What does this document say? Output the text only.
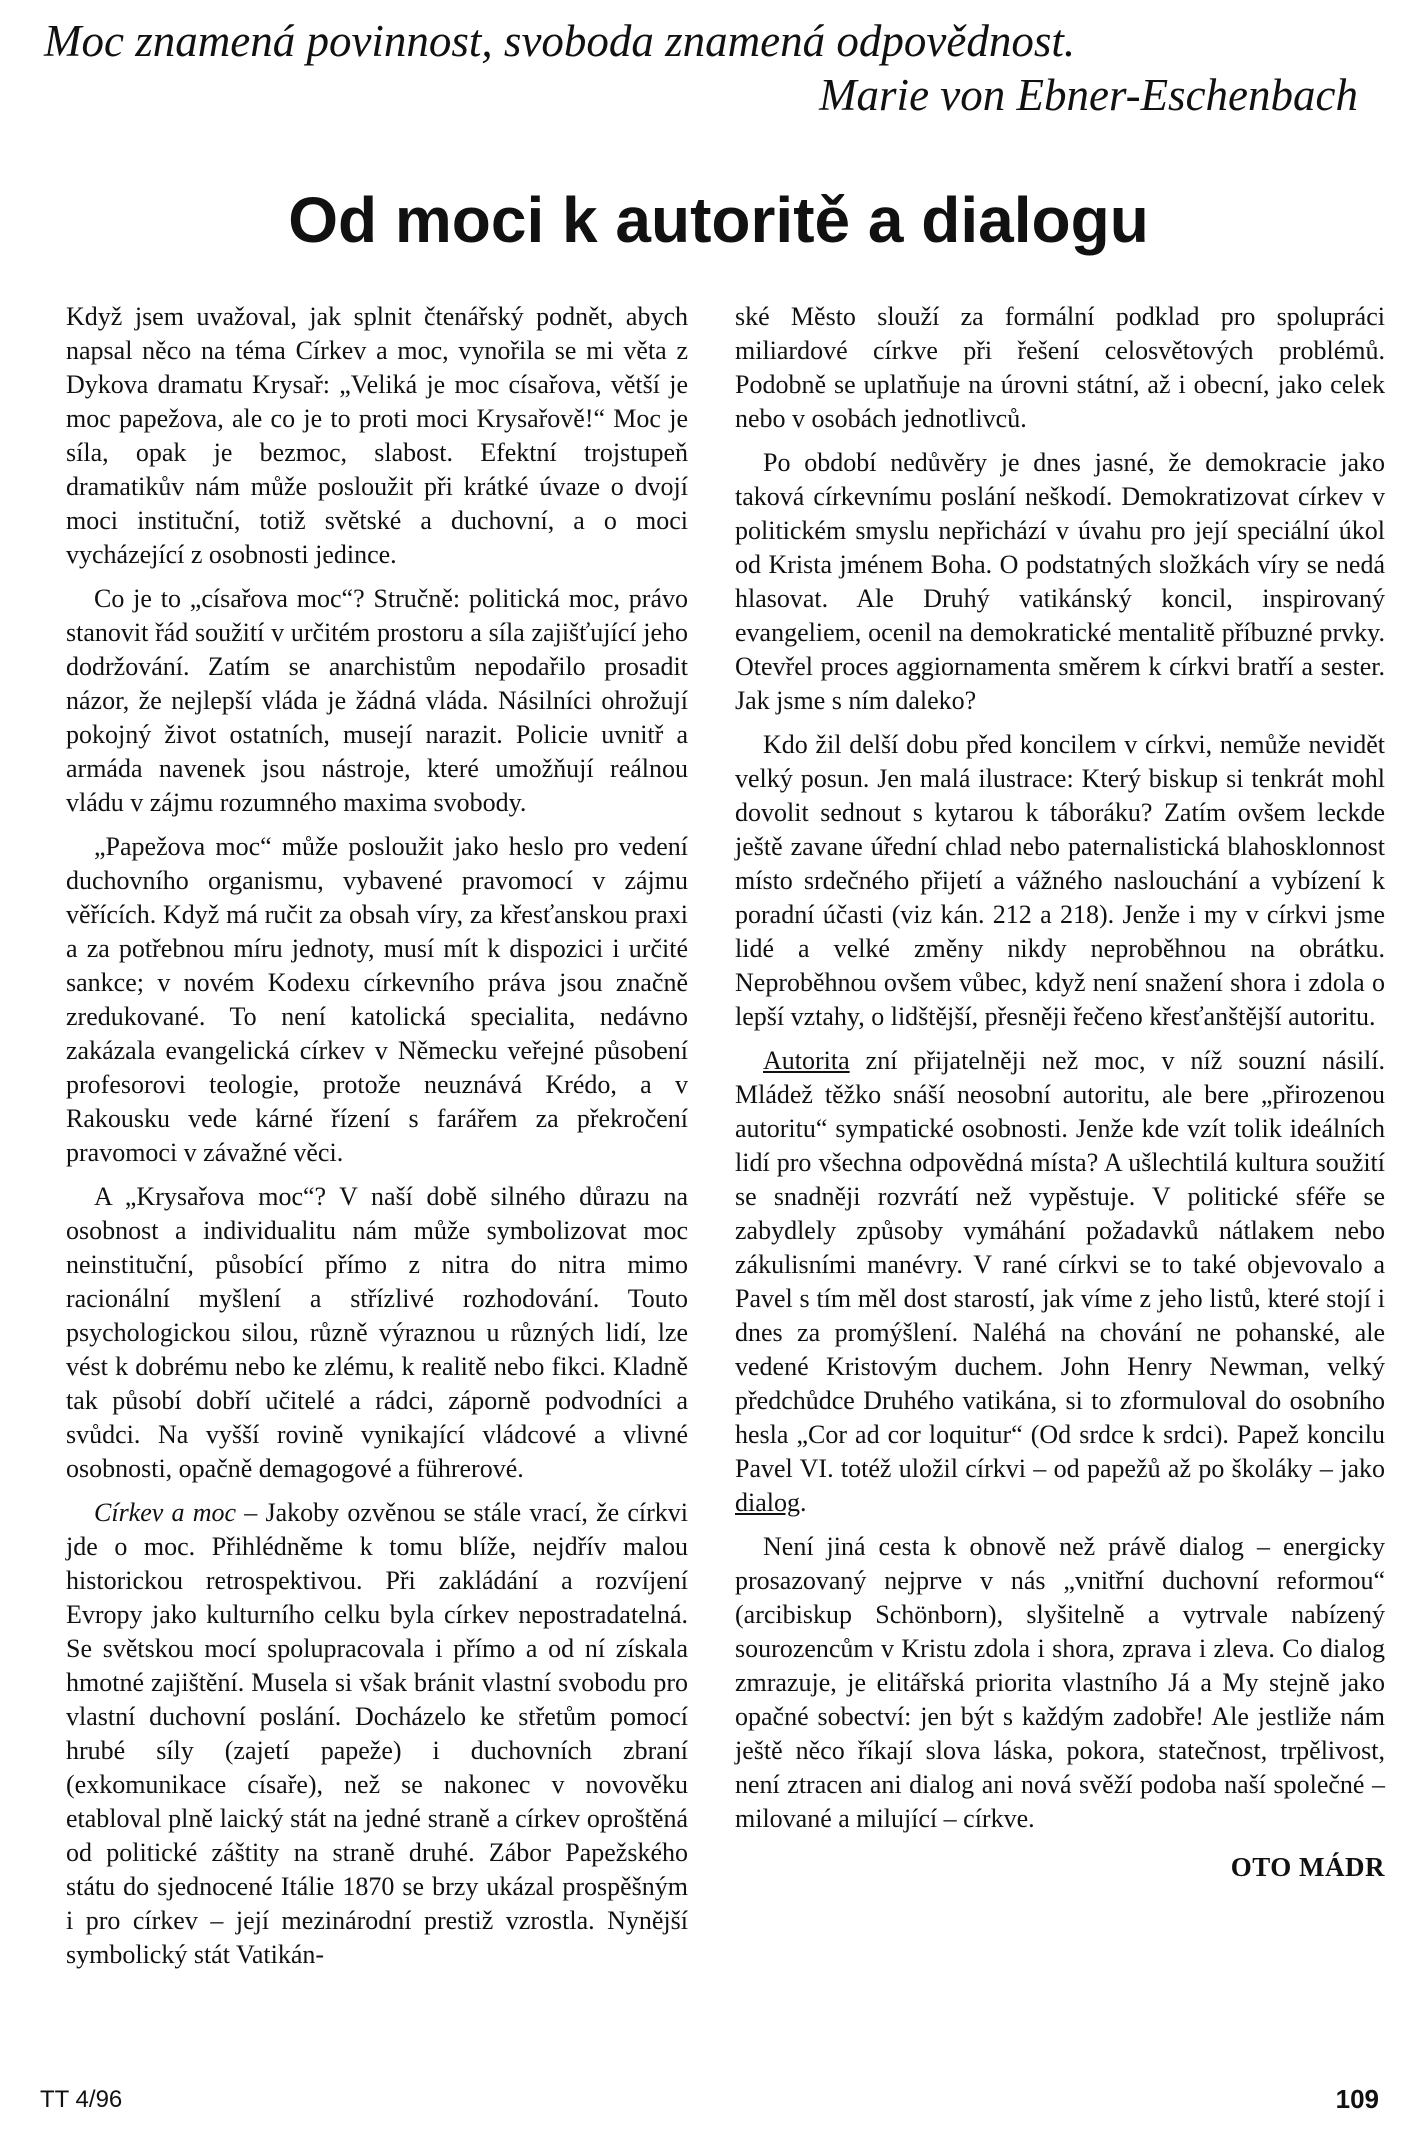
Moc znamená povinnost, svoboda znamená odpovědnost.
Marie von Ebner-Eschenbach
Od moci k autoritě a dialogu

Když jsem uvažoval, jak splnit čtenářský podnět, abych napsal něco na téma Církev a moc, vynořila se mi věta z Dykova dramatu Krysař: „Veliká je moc císařova, větší je moc papežova, ale co je to proti moci Krysařově!“ Moc je síla, opak je bezmoc, slabost. Efektní trojstupeň dramatikův nám může posloužit při krátké úvaze o dvojí moci instituční, totiž světské a duchovní, a o moci vycházející z osobnosti jedince.

Co je to „císařova moc“? Stručně: politická moc, právo stanovit řád soužití v určitém prostoru a síla zajišťující jeho dodržování. Zatím se anarchistům nepodařilo prosadit názor, že nejlepší vláda je žádná vláda. Násilníci ohrožují pokojný život ostatních, musejí narazit. Policie uvnitř a armáda navenek jsou nástroje, které umožňují reálnou vládu v zájmu rozumného maxima svobody.

„Papežova moc“ může posloužit jako heslo pro vedení duchovního organismu, vybavené pravomocí v zájmu věřících. Když má ručit za obsah víry, za křesťanskou praxi a za potřebnou míru jednoty, musí mít k dispozici i určité sankce; v novém Kodexu církevního práva jsou značně zredukované. To není katolická specialita, nedávno zakázala evangelická církev v Německu veřejné působení profesorovi teologie, protože neuznává Krédo, a v Rakousku vede kárné řízení s farářem za překročení pravomoci v závažné věci.

A „Krysařova moc“? V naší době silného důrazu na osobnost a individualitu nám může symbolizovat moc neinstituční, působící přímo z nitra do nitra mimo racionální myšlení a střízlivé rozhodování. Touto psychologickou silou, různě výraznou u různých lidí, lze vést k dobrému nebo ke zlému, k realitě nebo fikci. Kladně tak působí dobří učitelé a rádci, záporně podvodníci a svůdci. Na vyšší rovině vynikající vládcové a vlivné osobnosti, opačně demagogové a führerové.

Církev a moc – Jakoby ozvěnou se stále vrací, že církvi jde o moc. Přihlédněme k tomu blíže, nejdřív malou historickou retrospektivou. Při zakládání a rozvíjení Evropy jako kulturního celku byla církev nepostradatelná. Se světskou mocí spolupracovala i přímo a od ní získala hmotné zajištění. Musela si však bránit vlastní svobodu pro vlastní duchovní poslání. Docházelo ke střetům pomocí hrubé síly (zajetí papeže) i duchovních zbraní (exkomunikace císaře), než se nakonec v novověku etabloval plně laický stát na jedné straně a církev oproštěná od politické záštity na straně druhé. Zábor Papežského státu do sjednocené Itálie 1870 se brzy ukázal prospěšným i pro církev – její mezinárodní prestiž vzrostla. Nynější symbolický stát Vatikán-

ské Město slouží za formální podklad pro spolupráci miliardové církve při řešení celosvětových problémů. Podobně se uplatňuje na úrovni státní, až i obecní, jako celek nebo v osobách jednotlivců.

Po období nedůvěry je dnes jasné, že demokracie jako taková církevnímu poslání neškodí. Demokratizovat církev v politickém smyslu nepřichází v úvahu pro její speciální úkol od Krista jménem Boha. O podstatných složkách víry se nedá hlasovat. Ale Druhý vatikánský koncil, inspirovaný evangeliem, ocenil na demokratické mentalitě příbuzné prvky. Otevřel proces aggiornamenta směrem k církvi bratří a sester. Jak jsme s ním daleko?

Kdo žil delší dobu před koncilem v církvi, nemůže nevidět velký posun. Jen malá ilustrace: Který biskup si tenkrát mohl dovolit sednout s kytarou k táboráku? Zatím ovšem leckde ještě zavane úřední chlad nebo paternalistická blahosklonnost místo srdečného přijetí a vážného naslouchání a vybízení k poradní účasti (viz kán. 212 a 218). Jenže i my v církvi jsme lidé a velké změny nikdy neproběhnou na obrátku. Neproběhnou ovšem vůbec, když není snažení shora i zdola o lepší vztahy, o lidštější, přesněji řečeno křesťanštější autoritu.

Autorita zní přijatelněji než moc, v níž souzní násilí. Mládež těžko snáší neosobní autoritu, ale bere „přirozenou autoritu“ sympatické osobnosti. Jenže kde vzít tolik ideálních lidí pro všechna odpovědná místa? A ušlechtilá kultura soužití se snadněji rozvrátí než vypěstuje. V politické sféře se zabydlely způsoby vymáhání požadavků nátlakem nebo zákulisními manévry. V rané církvi se to také objevovalo a Pavel s tím měl dost starostí, jak víme z jeho listů, které stojí i dnes za promýšlení. Naléhá na chování ne pohanské, ale vedené Kristovým duchem. John Henry Newman, velký předchůdce Druhého vatikána, si to zformuloval do osobního hesla „Cor ad cor loquitur“ (Od srdce k srdci). Papež koncilu Pavel VI. totéž uložil církvi – od papežů až po školáky – jako dialog.

Není jiná cesta k obnově než právě dialog – energicky prosazovaný nejprve v nás „vnitřní duchovní reformou“ (arcibiskup Schönborn), slyšitelně a vytrvale nabízený sourozencům v Kristu zdola i shora, zprava i zleva. Co dialog zmrazuje, je elitářská priorita vlastního Já a My stejně jako opačné sobectví: jen být s každým zadobře! Ale jestliže nám ještě něco říkají slova láska, pokora, statečnost, trpělivost, není ztracen ani dialog ani nová svěží podoba naší společné – milované a milující – církve.

OTO MÁDR
TT 4/96	109
